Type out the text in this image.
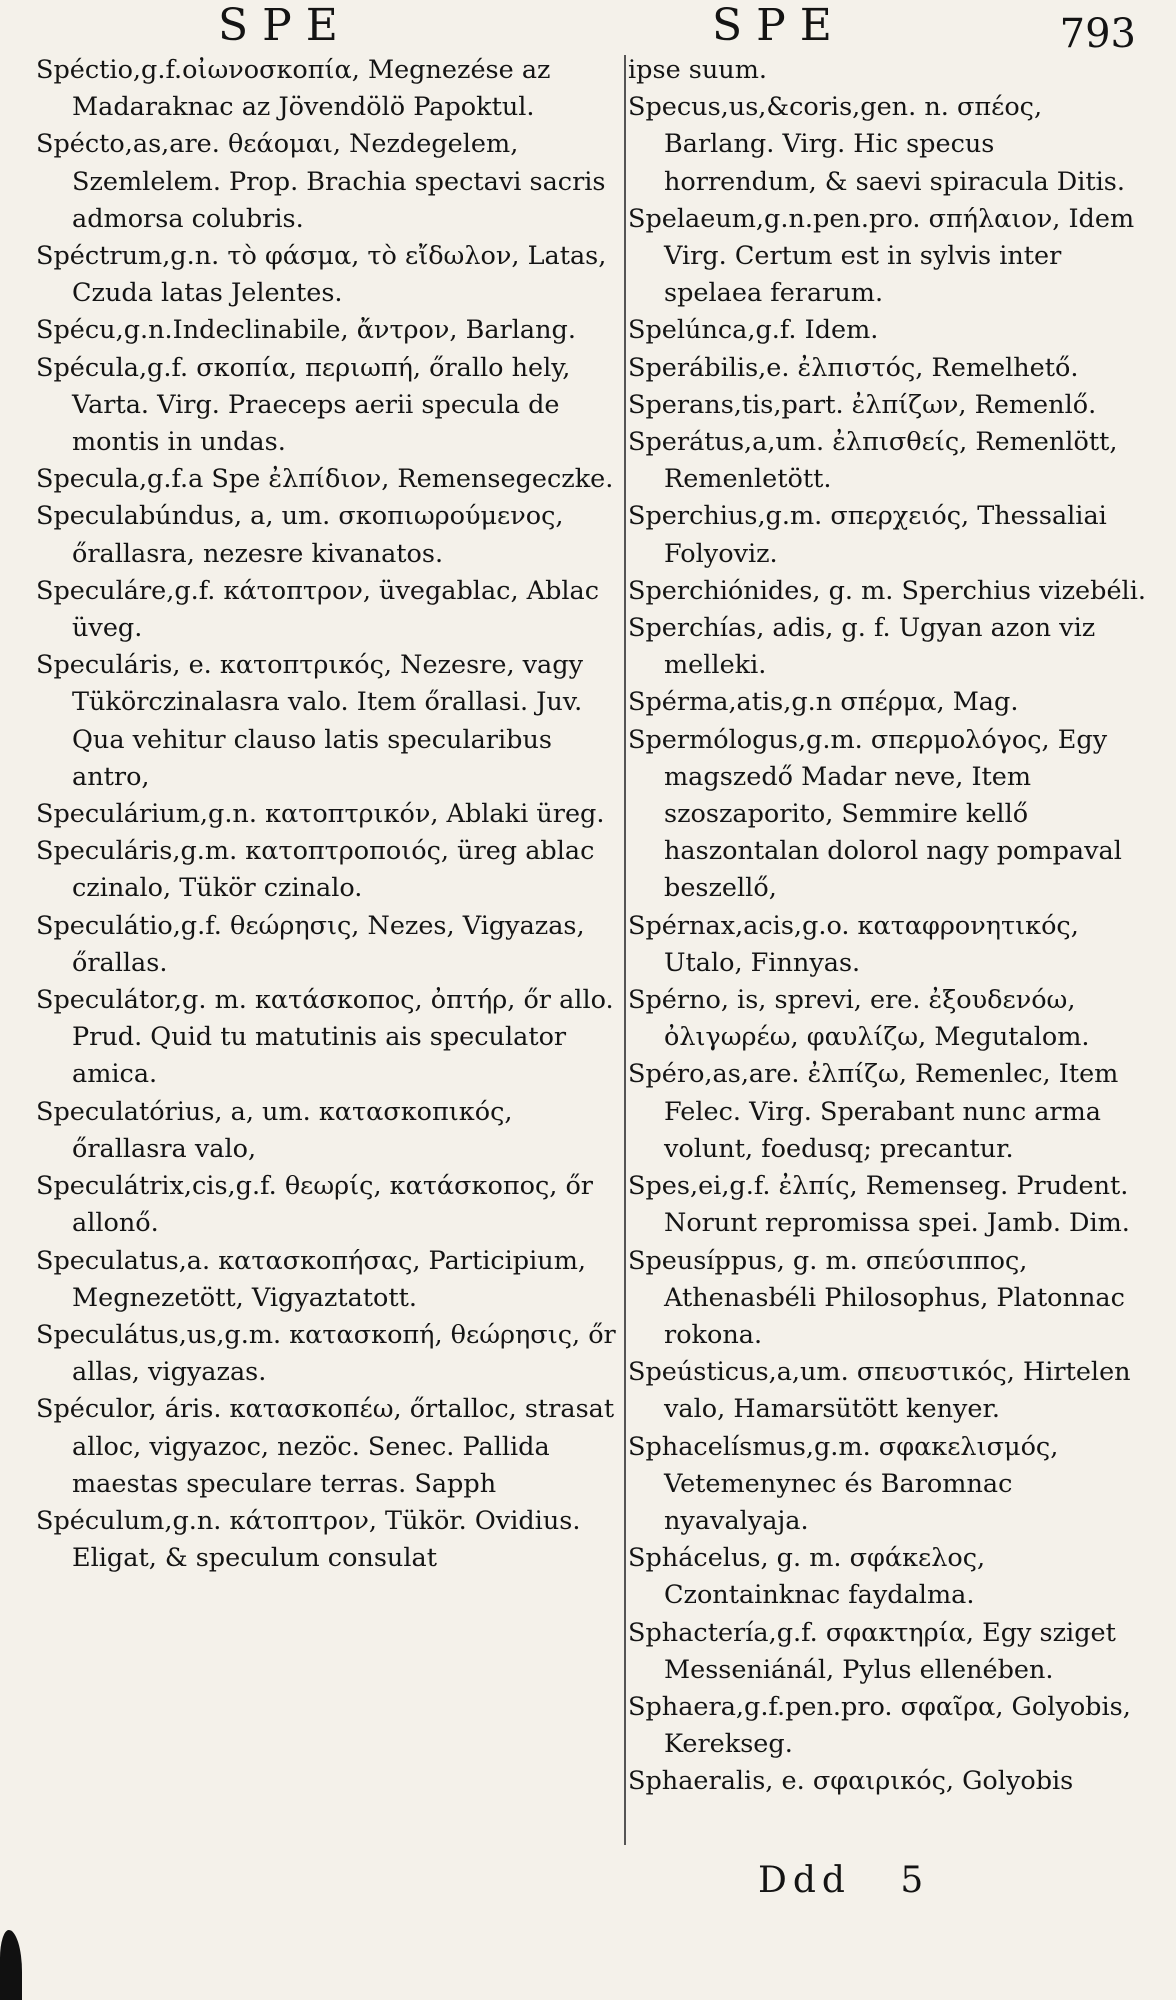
SPE	SPE	793

Spéctio,g.f.οἰωνοσκοπία, Megnezése az Madaraknac az Jövendölö Papoktul.

Spécto,as,are. θεάομαι, Nezdegelem, Szemlelem. Prop. Brachia spectavi sacris admorsa colubris.

Spéctrum,g.n. τὸ φάσμα, τὸ εἴδωλον, Latas, Czuda latas Jelentes.

Spécu,g.n.Indeclinabile, ἄντρον, Barlang.

Spécula,g.f. σκοπία, περιωπή, őrallo hely, Varta. Virg. Praeceps aerii specula de montis in undas.

Specula,g.f.a Spe ἐλπίδιον, Remensegeczke.

Speculabúndus, a, um. σκοπιωρούμενος, őrallasra, nezesre kivanatos.

Speculáre,g.f. κάτοπτρον, üvegablac, Ablac üveg.

Speculáris, e. κατοπτρικός, Nezesre, vagy Tükörczinalasra valo. Item őrallasi. Juv. Qua vehitur clauso latis specularibus antro,

Speculárium,g.n. κατοπτρικόν, Ablaki üreg.

Speculáris,g.m. κατοπτροποιός, üreg ablac czinalo, Tükör czinalo.

Speculátio,g.f. θεώρησις, Nezes, Vigyazas, őrallas.

Speculátor,g. m. κατάσκοπος, ὀπτήρ, őr allo. Prud. Quid tu matutinis ais speculator amica.

Speculatórius, a, um. κατασκοπικός, őrallasra valo,

Speculátrix,cis,g.f. θεωρίς, κατάσκοπος, őr allonő.

Speculatus,a. κατασκοπήσας, Participium, Megnezetött, Vigyaztatott.

Speculátus,us,g.m. κατασκοπή, θεώρησις, őr allas, vigyazas.

Spéculor, áris. κατασκοπέω, őrtalloc, strasat alloc, vigyazoc, nezöc. Senec. Pallida maestas speculare terras. Sapph

Spéculum,g.n. κάτοπτρον, Tükör. Ovidius. Eligat, & speculum consulat

ipse suum.

Specus,us,&coris,gen. n. σπέος, Barlang. Virg. Hic specus horrendum, & saevi spiracula Ditis.

Spelaeum,g.n.pen.pro. σπήλαιον, Idem Virg. Certum est in sylvis inter spelaea ferarum.

Spelúnca,g.f. Idem.

Sperábilis,e. ἐλπιστός, Remelhető.

Sperans,tis,part. ἐλπίζων, Remenlő.

Sperátus,a,um. ἐλπισθείς, Remenlött, Remenletött.

Sperchius,g.m. σπερχειός, Thessaliai Folyoviz.

Sperchiónides, g. m. Sperchius vizebéli.

Sperchías, adis, g. f. Ugyan azon viz melleki.

Spérma,atis,g.n σπέρμα, Mag.

Spermólogus,g.m. σπερμολόγος, Egy magszedő Madar neve, Item szoszaporito, Semmire kellő haszontalan dolorol nagy pompaval beszellő,

Spérnax,acis,g.o. καταφρονητικός, Utalo, Finnyas.

Spérno, is, sprevi, ere. ἐξουδενόω, ὀλιγωρέω, φαυλίζω, Megutalom.

Spéro,as,are. ἐλπίζω, Remenlec, Item Felec. Virg. Sperabant nunc arma volunt, foedusq; precantur.

Spes,ei,g.f. ἐλπίς, Remenseg. Prudent. Norunt repromissa spei. Jamb. Dim.

Speusíppus, g. m. σπεύσιππος, Athenasbéli Philosophus, Platonnac rokona.

Speústicus,a,um. σπευστικός, Hirtelen valo, Hamarsütött kenyer.

Sphacelísmus,g.m. σφακελισμός, Vetemenynec és Baromnac nyavalyaja.

Sphácelus, g. m. σφάκελος, Czontainknac faydalma.

Sphactería,g.f. σφακτηρία, Egy sziget Messeniánál, Pylus ellenében.

Sphaera,g.f.pen.pro. σφαῖρα, Golyobis, Kerekseg.

Sphaeralis, e. σφαιρικός, Golyobis

Ddd 5
